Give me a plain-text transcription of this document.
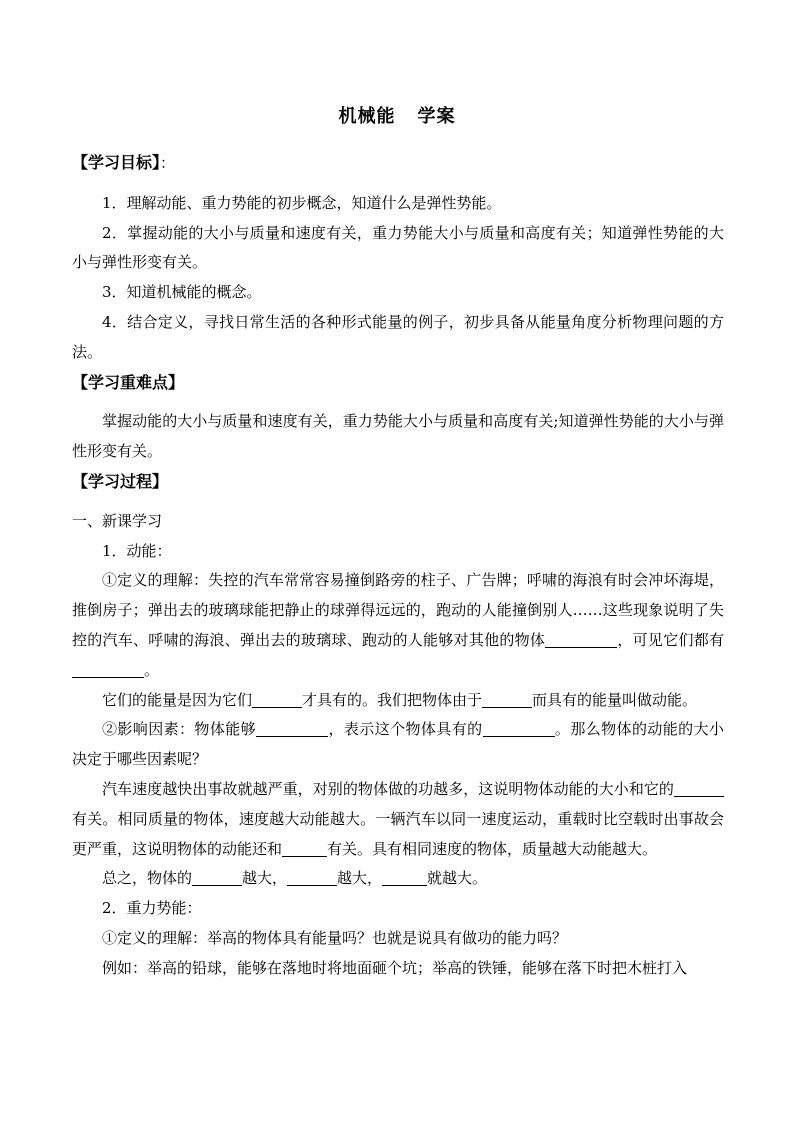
机械能 学案

【学习目标】：

1．理解动能、重力势能的初步概念，知道什么是弹性势能。

2．掌握动能的大小与质量和速度有关，重力势能大小与质量和高度有关；知道弹性势能的大小与弹性形变有关。

3．知道机械能的概念。

4．结合定义，寻找日常生活的各种形式能量的例子，初步具备从能量角度分析物理问题的方法。

【学习重难点】

掌握动能的大小与质量和速度有关，重力势能大小与质量和高度有关;知道弹性势能的大小与弹性形变有关。

【学习过程】

一、新课学习

1．动能：

①定义的理解：失控的汽车常常容易撞倒路旁的柱子、广告牌；呼啸的海浪有时会冲坏海堤，推倒房子；弹出去的玻璃球能把静止的球弹得远远的，跑动的人能撞倒别人……这些现象说明了失控的汽车、呼啸的海浪、弹出去的玻璃球、跑动的人能够对其他的物体	，可见它们都有。

它们的能量是因为它们	才具有的。我们把物体由于	而具有的能量叫做动能。

②影响因素：物体能够	，表示这个物体具有的	。那么物体的动能的大小决定于哪些因素呢？

汽车速度越快出事故就越严重，对别的物体做的功越多，这说明物体动能的大小和它的有关。相同质量的物体，速度越大动能越大。一辆汽车以同一速度运动，重载时比空载时出事故会更严重，这说明物体的动能还和	有关。具有相同速度的物体，质量越大动能越大。

总之，物体的	越大，	越大，	就越大。

2．重力势能：

①定义的理解：举高的物体具有能量吗？也就是说具有做功的能力吗？

例如：举高的铅球，能够在落地时将地面砸个坑；举高的铁锤，能够在落下时把木桩打入
